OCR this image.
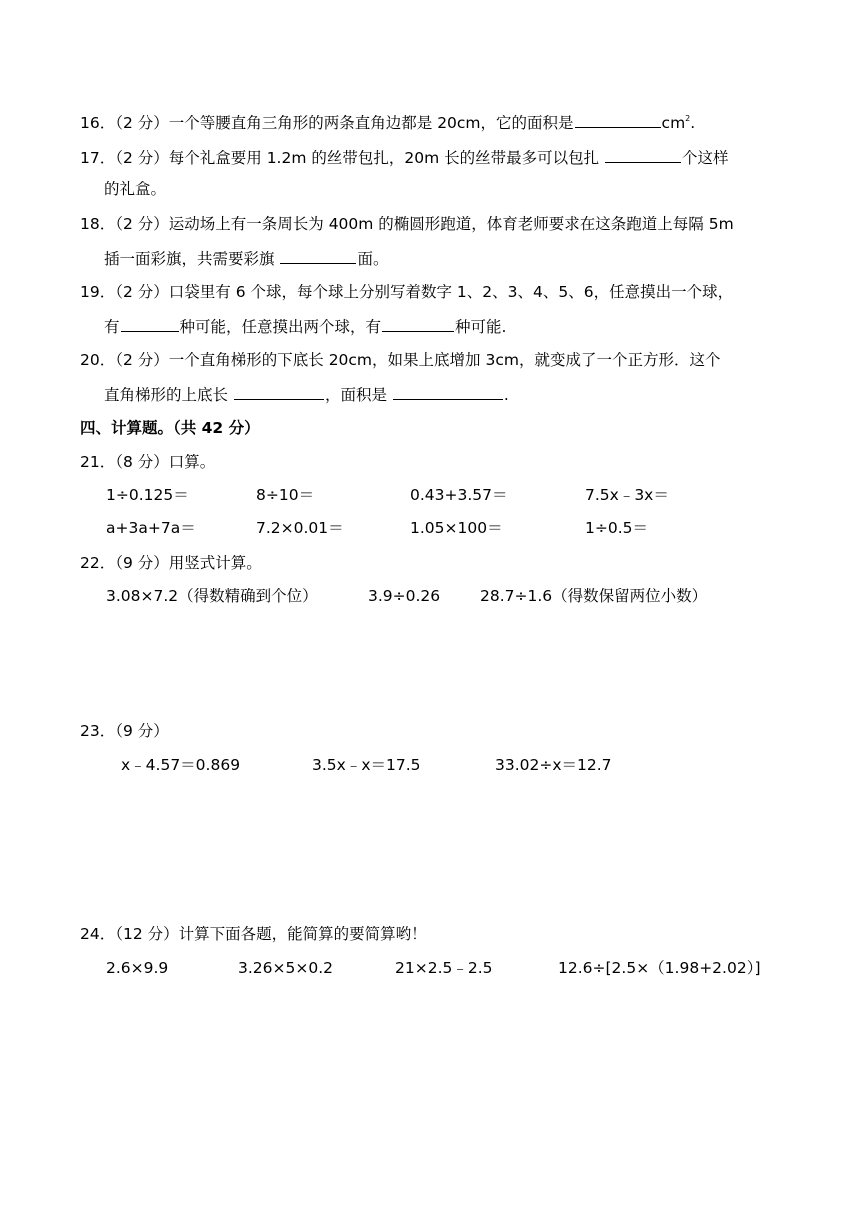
16．（2 分）一个等腰直角三角形的两条直角边都是 20cm，它的面积是	$cm^2$.
17．（2 分）每个礼盒要用 1.2m 的丝带包扎，20m 长的丝带最多可以包扎	个这样
的礼盒。
18．（2 分）运动场上有一条周长为 400m 的椭圆形跑道，体育老师要求在这条跑道上每隔 5m
插一面彩旗，共需要彩旗	面。
19．（2 分）口袋里有 6 个球，每个球上分别写着数字 1、2、3、4、5、6，任意摸出一个球，
有	种可能，任意摸出两个球，有	种可能.
20．（2 分）一个直角梯形的下底长 20cm，如果上底增加 3cm，就变成了一个正方形．这个
直角梯形的上底长	，面积是	.
四、计算题。（共 42 分）
21．（8 分）口算。
1÷0.125＝	8÷10＝	0.43+3.57＝	7.5x﹣3x＝
a+3a+7a＝	7.2×0.01＝	1.05×100＝	1÷0.5＝
22．（9 分）用竖式计算。
3.08×7.2（得数精确到个位）	3.9÷0.26	28.7÷1.6（得数保留两位小数）
23．（9 分）
x﹣4.57＝0.869	3.5x﹣x＝17.5	33.02÷x＝12.7
24．（12 分）计算下面各题，能简算的要简算哟！
2.6×9.9	3.26×5×0.2	21×2.5﹣2.5	12.6÷[2.5×（1.98+2.02）]
